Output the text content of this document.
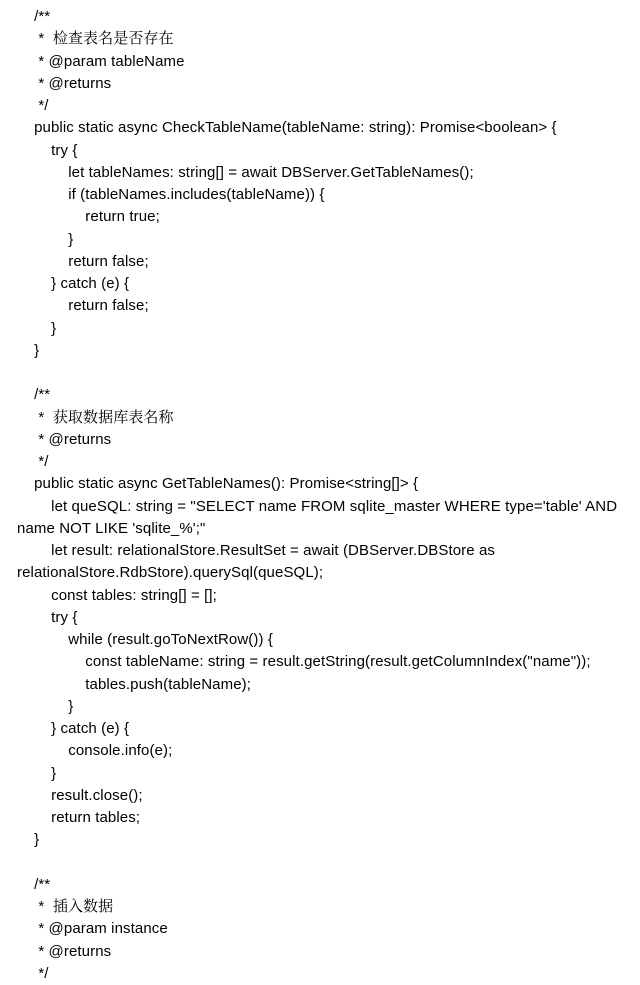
/**
*  检查表名是否存在
* @param tableName
* @returns
*/
public static async CheckTableName(tableName: string): Promise<boolean> {
try {
let tableNames: string[] = await DBServer.GetTableNames();
if (tableNames.includes(tableName)) {
return true;
}
return false;
} catch (e) {
return false;
}
}
/**
*  获取数据库表名称
* @returns
*/
public static async GetTableNames(): Promise<string[]> {
let queSQL: string = "SELECT name FROM sqlite_master WHERE type='table' AND name NOT LIKE 'sqlite_%';"
let result: relationalStore.ResultSet = await (DBServer.DBStore as relationalStore.RdbStore).querySql(queSQL);
const tables: string[] = [];
try {
while (result.goToNextRow()) {
const tableName: string = result.getString(result.getColumnIndex("name"));
tables.push(tableName);
}
} catch (e) {
console.info(e);
}
result.close();
return tables;
}
/**
*  插入数据
* @param instance
* @returns
*/
